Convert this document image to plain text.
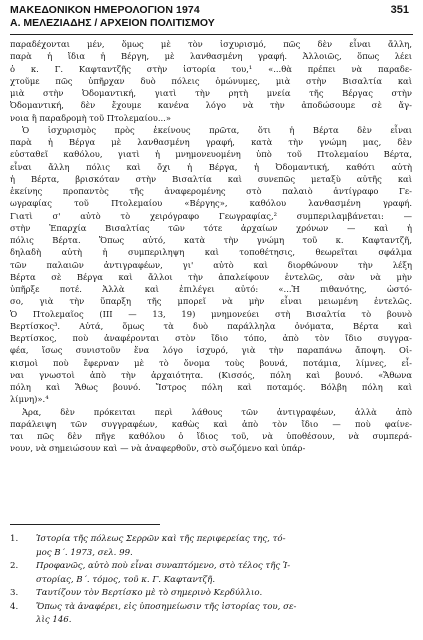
ΜΑΚΕΔΟΝΙΚΟΝ ΗΜΕΡΟΛΟΓΙΟΝ 1974
Α. ΜΕΛΕΖΙΑΔΗΣ / ΑΡΧΕΙΟΝ ΠΟΛΙΤΙΣΜΟΥ
351
παραδέχονται μέν, ὅμως μὲ τὸν ἰσχυρισμό, πῶς δὲν εἶναι ἄλλη,
παρὰ ἡ ἴδια ἡ Βέργη, μὲ λανθασμένη γραφή. Ἀλλοιῶς, ὅπως λέει
ὁ κ. Γ. Καφταντζῆς στὴν ἱστορία του,¹ «...θὰ πρέπει νὰ παραδε-
χτοῦμε πῶς ὑπῆρχαν δυὸ πόλεις ὁμώνυμες, μιὰ στὴν Βισαλτία καὶ
μιὰ στὴν Ὀδομαντική, γιατὶ τὴν ρητὴ μνεία τῆς Βέργας στὴν
Ὀδομαντική, δὲν ἔχουμε κανένα λόγο νὰ τὴν ἀποδώσουμε σὲ ἄγ-
νοια ἢ παραδρομὴ τοῦ Πτολεμαίου...»
Ὁ ἰσχυρισμὸς πρὸς ἐκείνους πρῶτα, ὅτι ἡ Βέρτα δὲν εἶναι
παρὰ ἡ Βέργα μὲ λανθασμένη γραφή, κατὰ τὴν γνώμη μας, δὲν
εὐσταθεῖ καθόλου, γιατὶ ἡ μνημονευομένη ὑπὸ τοῦ Πτολεμαίου Βέρτα,
εἶναι ἄλλη πόλις καὶ ὄχι ἡ Βέργα, ἡ Ὀδομαντική, καθότι αὐτὴ
ἡ Βέρτα, βρισκόταν στὴν Βισαλτία καὶ συνεπῶς μεταξὺ αὐτῆς καὶ
ἐκείνης προπαντὸς τῆς ἀναφερομένης στὸ παλαιὸ ἀντίγραφο Γε-
ωγραφίας τοῦ Πτολεμαίου «Βέργης», καθόλου λανθασμένη γραφή.
Γιατὶ σ' αὐτὸ τὸ χειρόγραφο Γεωγραφίας,² συμπεριλαμβάνεται: —
στὴν Ἐπαρχία Βισαλτίας τῶν τότε ἀρχαίων χρόνων — καὶ ἡ
πόλις Βέρτα. Ὅπως αὐτό, κατὰ τὴν γνώμη τοῦ κ. Καφταντζῆ,
δηλαδὴ αὐτὴ ἡ συμπεριληψη καὶ τοποθέτησις, θεωρεῖται σφάλμα
τῶν παλαιῶν ἀντιγραφέων, γι' αὐτὸ καὶ διορθώνουν τὴν λέξη
Βέρτα σὲ Βέργα καὶ ἄλλοι τὴν ἀπαλείφουν ἐντελῶς, σὰν νὰ μὴν
ὑπῆρξε ποτέ. Ἀλλὰ καὶ ἐπιλέγει αὐτό: «...Ἡ πιθανότης, ὡστό-
σο, γιὰ τὴν ὕπαρξη τῆς μπορεῖ νὰ μὴν εἶναι μειωμένη ἐντελῶς.
Ὁ Πτολεμαῖος (ΙΙΙ — 13, 19) μνημονεύει στὴ Βισαλτία τὸ βουνὸ
Βερτίσκος³. Αὐτά, ὅμως τὰ δυὸ παράλληλα ὀνόματα, Βέρτα καὶ
Βερτίσκος, ποὺ ἀναφέρονται στὸν ἴδιο τόπο, ἀπὸ τὸν ἴδιο συγγρα-
φέα, ἴσως συνιστοῦν ἕνα λόγο ἰσχυρό, γιὰ τὴν παραπάνω ἄποψη. Οἰ-
κισμοὶ ποὺ ἔφερναν μὲ τὸ ὄνομα τοὺς βουνά, ποτάμια, λίμνες, εἶ-
ναι γνωστοὶ ἀπὸ τὴν ἀρχαιότητα. (Κισσός, πόλη καὶ βουνό. «Ἄθωνα
πόλη καὶ Ἄθως βουνό. Ἴστρος πόλη καὶ ποταμός. Βόλβη πόλη καὶ
λίμνη)».⁴
Ἀρα, δὲν πρόκειται περὶ λάθους τῶν ἀντιγραφέων, ἀλλὰ ἀπὸ
παράλειψη τῶν συγγραφέων, καθὼς καὶ ἀπὸ τὸν ἴδιο — ποὺ φαίνε-
ται πῶς δὲν πῆγε καθόλου ὁ ἴδιος τοῦ, νὰ ὑποθέσουν, νὰ συμπερά-
νουν, νὰ σημειώσουν καὶ — νὰ ἀναφερθοῦν, στὸ σωζόμενο καὶ ὑπάρ-
1.	Ἱστορία τῆς πόλεως Σερρῶν καὶ τῆς περιφερείας της, τό-
μος Β΄. 1973, σελ. 99.
2.	Προφανῶς, αὐτὸ ποὺ εἶναι συναπτόμενο, στὸ τέλος τῆς Ἱ-
στορίας, Β΄. τόμος, τοῦ κ. Γ. Καφταντζῆ.
3.	Ταυτίζουν τὸν Βερτίσκο μὲ τὸ σημερινὸ Κερδύλλιο.
4.	Ὅπως τὰ ἀναφέρει, εἰς ὑποσημείωσιν τῆς ἱστορίας του, σε-
λὶς 146.
